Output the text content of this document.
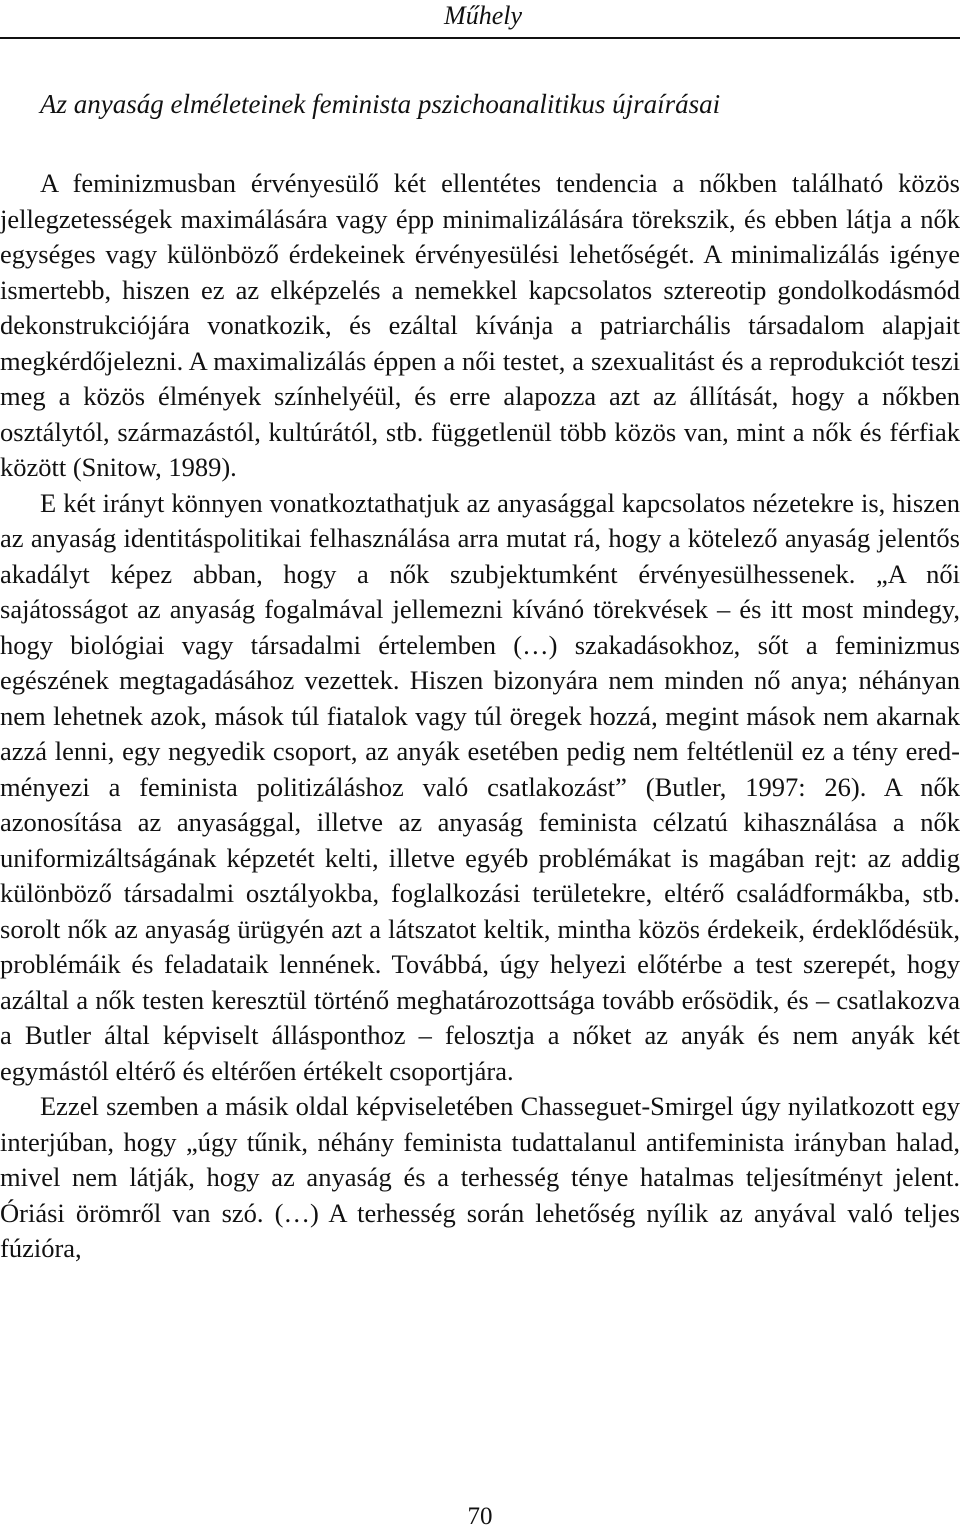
Műhely
Az anyaság elméleteinek feminista pszichoanalitikus újraírásai

A feminizmusban érvényesülő két ellentétes tendencia a nőkben található közös jellegzetességek maximálására vagy épp minimalizálására törekszik, és ebben látja a nők egységes vagy különböző érdekeinek érvényesülési lehetőségét. A minimalizálás igénye ismertebb, hiszen ez az elképzelés a nemekkel kapcsolatos sztereotip gondolkodásmód dekonstrukciójára vonatkozik, és ezáltal kívánja a patriarchális társadalom alapjait megkérdőjelezni. A maximalizálás éppen a női testet, a szexualitást és a reprodukciót teszi meg a közös élmények színhelyéül, és erre alapozza azt az állítását, hogy a nőkben osztálytól, származástól, kultúrától, stb. függetlenül több közös van, mint a nők és férfiak között (Snitow, 1989).

E két irányt könnyen vonatkoztathatjuk az anyasággal kapcsolatos nézetekre is, hiszen az anyaság identitáspolitikai felhasználása arra mutat rá, hogy a kötelező anyaság jelentős akadályt képez abban, hogy a nők szubjektumként érvényesülhessenek. „A női sajátosságot az anyaság fogalmával jellemezni kívánó törekvések – és itt most mindegy, hogy biológiai vagy társadalmi értelemben (…) szakadásokhoz, sőt a feminizmus egészének megtagadásához vezettek. Hiszen bizonyára nem minden nő anya; néhányan nem lehetnek azok, mások túl fiatalok vagy túl öregek hozzá, megint mások nem akarnak azzá lenni, egy negyedik csoport, az anyák esetében pedig nem feltétlenül ez a tény eredményezi a feminista politizáláshoz való csatlakozást” (Butler, 1997: 26). A nők azonosítása az anyasággal, illetve az anyaság feminista célzatú kihasználása a nők uniformizáltságának képzetét kelti, illetve egyéb problémákat is magában rejt: az addig különböző társadalmi osztályokba, foglalkozási területekre, eltérő családformákba, stb. sorolt nők az anyaság ürügyén azt a látszatot keltik, mintha közös érdekeik, érdeklődésük, problémáik és feladataik lennének. Továbbá, úgy helyezi előtérbe a test szerepét, hogy azáltal a nők testen keresztül történő meghatározottsága tovább erősödik, és – csatlakozva a Butler által képviselt állásponthoz – felosztja a nőket az anyák és nem anyák két egymástól eltérő és eltérően értékelt csoportjára.

Ezzel szemben a másik oldal képviseletében Chasseguet-Smirgel úgy nyilatkozott egy interjúban, hogy „úgy tűnik, néhány feminista tudattalanul antifeminista irányban halad, mivel nem látják, hogy az anyaság és a terhesség ténye hatalmas teljesítményt jelent. Óriási örömről van szó. (…) A terhesség során lehetőség nyílik az anyával való teljes fúzióra,

70
